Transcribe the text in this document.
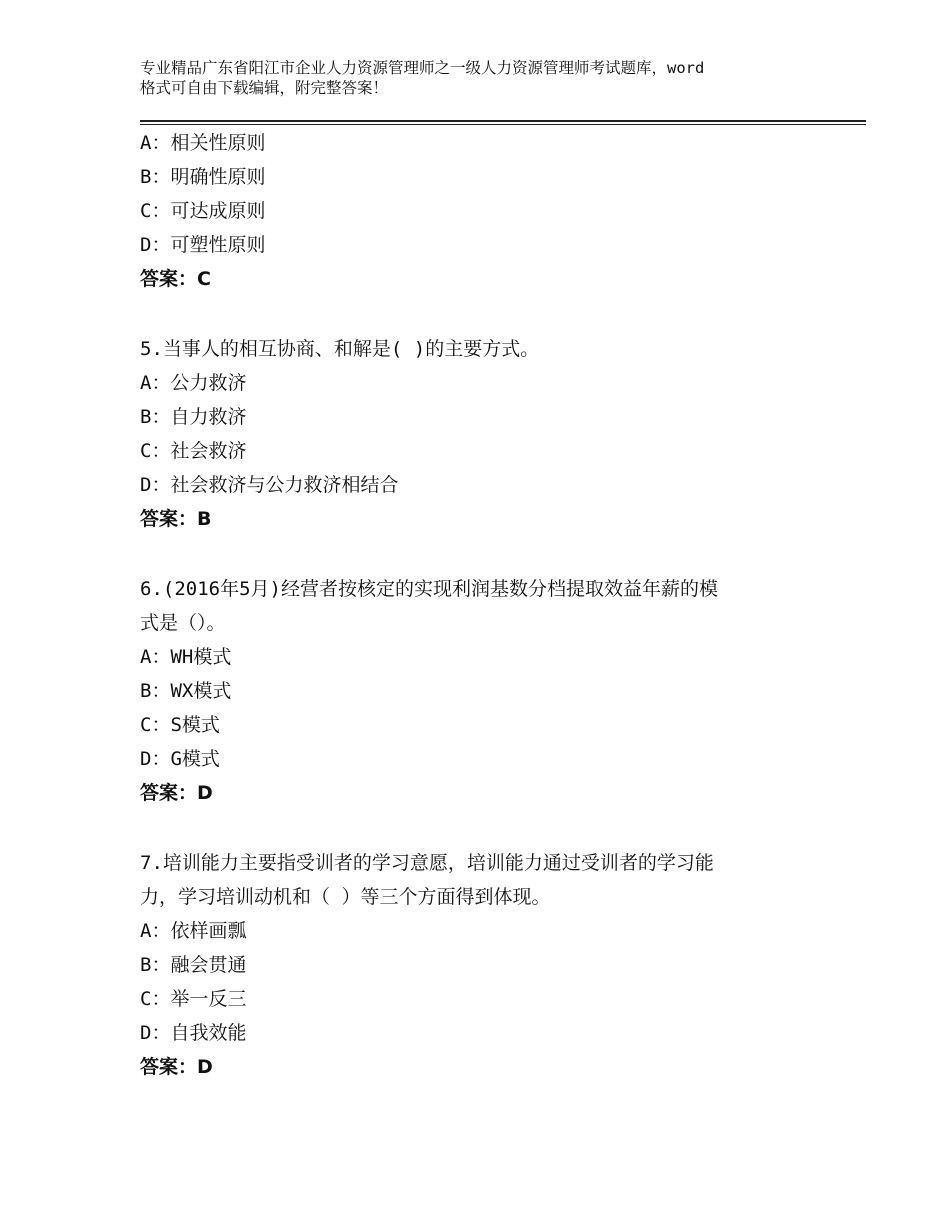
专业精品广东省阳江市企业人力资源管理师之一级人力资源管理师考试题库，word
格式可自由下载编辑，附完整答案！
A：相关性原则
B：明确性原则
C：可达成原则
D：可塑性原则
答案：C
5.当事人的相互协商、和解是( )的主要方式。
A：公力救济
B：自力救济
C：社会救济
D：社会救济与公力救济相结合
答案：B
6.(2016年5月)经营者按核定的实现利润基数分档提取效益年薪的模
式是（）。
A：WH模式
B：WX模式
C：S模式
D：G模式
答案：D
7.培训能力主要指受训者的学习意愿，培训能力通过受训者的学习能
力，学习培训动机和（ ）等三个方面得到体现。
A：依样画瓢
B：融会贯通
C：举一反三
D：自我效能
答案：D
